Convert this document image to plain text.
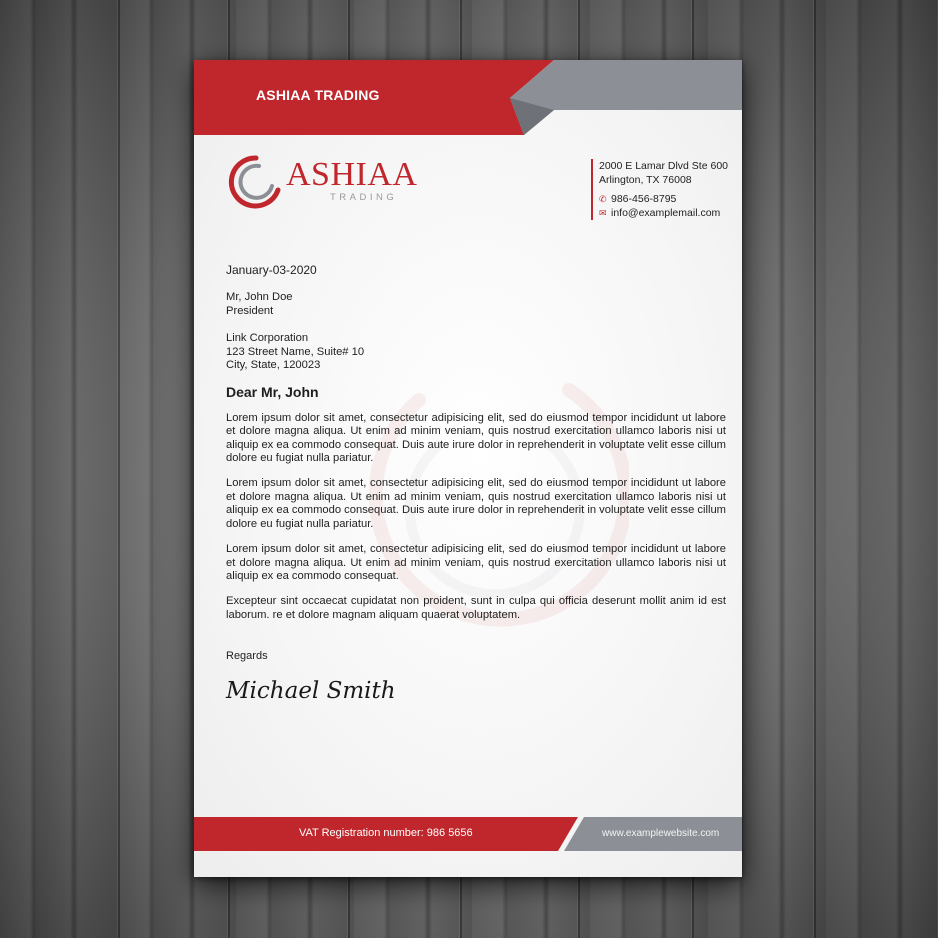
ASHIAA TRADING

ASHIAA

TRADING

2000 E Lamar Dlvd Ste 600
Arlington, TX 76008
✆ 986-456-8795
✉ info@examplemail.com

January-03-2020

Mr, John Doe

President

Link Corporation

123 Street Name, Suite# 10

City, State, 120023

Dear Mr, John

Lorem ipsum dolor sit amet, consectetur adipisicing elit, sed do eiusmod tempor incididunt ut labore et dolore magna aliqua. Ut enim ad minim veniam, quis nostrud exercitation ullamco laboris nisi ut aliquip ex ea commodo consequat. Duis aute irure dolor in reprehenderit in voluptate velit esse cillum dolore eu fugiat nulla pariatur.

Lorem ipsum dolor sit amet, consectetur adipisicing elit, sed do eiusmod tempor incididunt ut labore et dolore magna aliqua. Ut enim ad minim veniam, quis nostrud exercitation ullamco laboris nisi ut aliquip ex ea commodo consequat. Duis aute irure dolor in reprehenderit in voluptate velit esse cillum dolore eu fugiat nulla pariatur.

Lorem ipsum dolor sit amet, consectetur adipisicing elit, sed do eiusmod tempor incididunt ut labore et dolore magna aliqua. Ut enim ad minim veniam, quis nostrud exercitation ullamco laboris nisi ut aliquip ex ea commodo consequat.

Excepteur sint occaecat cupidatat non proident, sunt in culpa qui officia deserunt mollit anim id est laborum. re et dolore magnam aliquam quaerat voluptatem.

Regards

Michael Smith

VAT Registration number: 986 5656	www.examplewebsite.com
